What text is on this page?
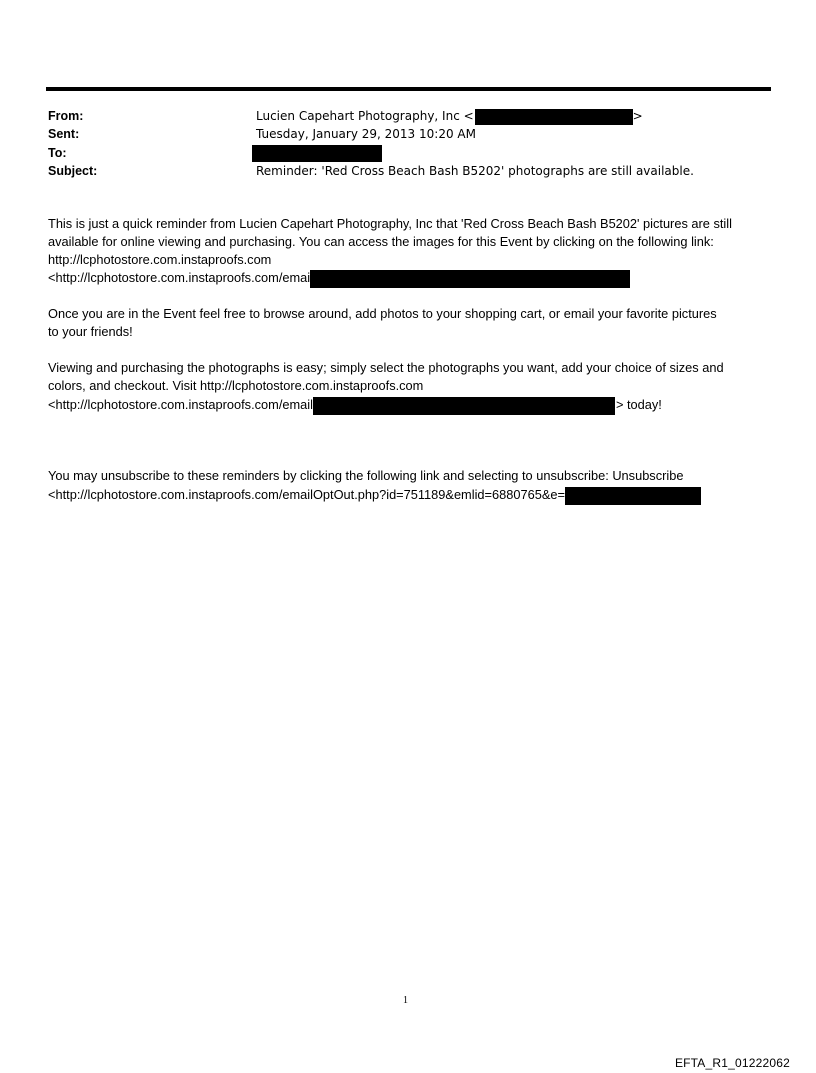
From:	Lucien Capehart Photography, Inc <	>
Sent:	Tuesday, January 29, 2013 10:20 AM
To:
Subject:	Reminder: 'Red Cross Beach Bash B5202' photographs are still available.
This is just a quick reminder from Lucien Capehart Photography, Inc that 'Red Cross Beach Bash B5202' pictures are still
available for online viewing and purchasing. You can access the images for this Event by clicking on the following link:
http://lcphotostore.com.instaproofs.com
<http://lcphotostore.com.instaproofs.com/emai
Once you are in the Event feel free to browse around, add photos to your shopping cart, or email your favorite pictures
to your friends!
Viewing and purchasing the photographs is easy; simply select the photographs you want, add your choice of sizes and
colors, and checkout. Visit http://lcphotostore.com.instaproofs.com
<http://lcphotostore.com.instaproofs.com/email	> today!
You may unsubscribe to these reminders by clicking the following link and selecting to unsubscribe: Unsubscribe
<http://lcphotostore.com.instaproofs.com/emailOptOut.php?id=751189&emlid=6880765&e=
1
EFTA_R1_01222062
